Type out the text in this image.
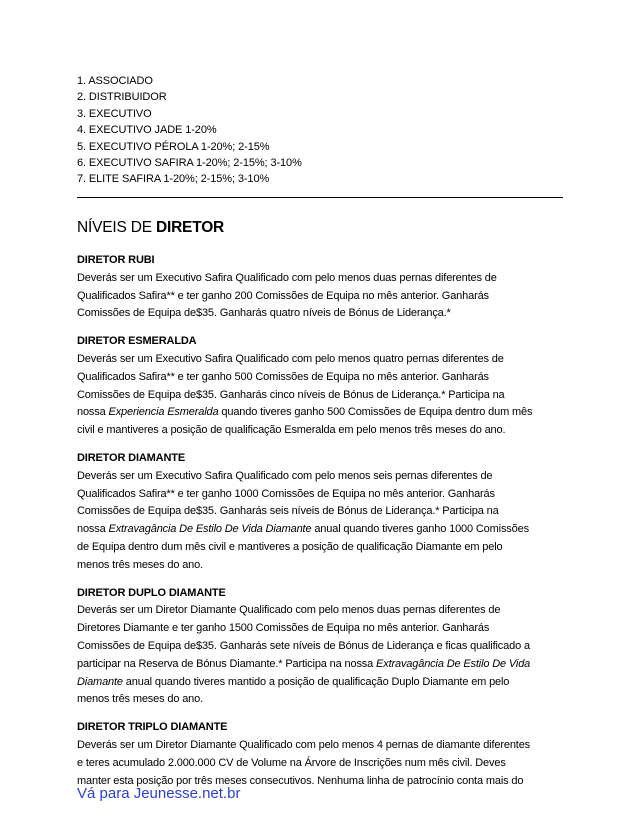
1. ASSOCIADO
2. DISTRIBUIDOR
3. EXECUTIVO
4. EXECUTIVO JADE 1-20%
5. EXECUTIVO PÉROLA 1-20%; 2-15%
6. EXECUTIVO SAFIRA 1-20%; 2-15%; 3-10%
7. ELITE SAFIRA 1-20%; 2-15%; 3-10%
NÍVEIS DE DIRETOR
DIRETOR RUBI
Deverás ser um Executivo Safira Qualificado com pelo menos duas pernas diferentes de
Qualificados Safira** e ter ganho 200 Comissões de Equipa no mês anterior. Ganharás
Comissões de Equipa de$35. Ganharás quatro níveis de Bónus de Liderança.*
DIRETOR ESMERALDA
Deverás ser um Executivo Safira Qualificado com pelo menos quatro pernas diferentes de
Qualificados Safira** e ter ganho 500 Comissões de Equipa no mês anterior. Ganharás
Comissões de Equipa de$35. Ganharás cinco níveis de Bónus de Liderança.* Participa na
nossa Experiencia Esmeralda quando tiveres ganho 500 Comissões de Equipa dentro dum mês
civil e mantiveres a posição de qualificação Esmeralda em pelo menos três meses do ano.
DIRETOR DIAMANTE
Deverás ser um Executivo Safira Qualificado com pelo menos seis pernas diferentes de
Qualificados Safira** e ter ganho 1000 Comissões de Equipa no mês anterior. Ganharás
Comissões de Equipa de$35. Ganharás seis níveis de Bónus de Liderança.* Participa na
nossa Extravagância De Estilo De Vida Diamante anual quando tiveres ganho 1000 Comissões
de Equipa dentro dum mês civil e mantiveres a posição de qualificação Diamante em pelo
menos três meses do ano.
DIRETOR DUPLO DIAMANTE
Deverás ser um Diretor Diamante Qualificado com pelo menos duas pernas diferentes de
Diretores Diamante e ter ganho 1500 Comissões de Equipa no mês anterior. Ganharás
Comissões de Equipa de$35. Ganharás sete níveis de Bónus de Liderança e ficas qualificado a
participar na Reserva de Bónus Diamante.* Participa na nossa Extravagância De Estilo De Vida
Diamante anual quando tiveres mantido a posição de qualificação Duplo Diamante em pelo
menos três meses do ano.
DIRETOR TRIPLO DIAMANTE
Deverás ser um Diretor Diamante Qualificado com pelo menos 4 pernas de diamante diferentes
e teres acumulado 2.000.000 CV de Volume na Árvore de Inscrições num mês civil. Deves
manter esta posição por três meses consecutivos. Nenhuma linha de patrocínio conta mais do
Vá para Jeunesse.net.br
